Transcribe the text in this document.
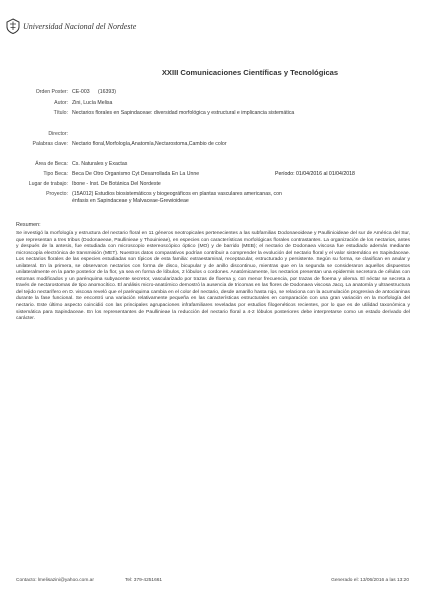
Universidad Nacional del Nordeste
XXIII Comunicaciones Científicas y Tecnológicas
Orden Poster: CE-003 (16393)
Autor: Zini, Lucía Melisa
Título: Nectarios florales en Sapindaceae: diversidad morfológica y estructural e implicancia sistemática
Director:
Palabras clave: Nectario floral,Morfología,Anatomía,Nectarostoma,Cambio de color
Área de Beca: Cs. Naturales y Exactas
Tipo Beca: Beca De Otro Organismo Cyt Desarrollada En La Unne	Período: 01/04/2016 al 01/04/2018
Lugar de trabajo: Ibone - Inst. De Botánica Del Nordeste
Proyecto: (15A012) Estudios biosistemáticos y biogeográficos en plantas vasculares americanas, con énfasis en Sapindaceae y Malvaceae-Grewioideae
Resumen:
Se investigó la morfología y estructura del nectario floral en 11 géneros neotropicales pertenecientes a las subfamilias Dodonaeoideae y Paullinioideae del sur de América del Sur, que representan a tres tribus (Dodonaeeae, Paullinieae y Thouinieae), en especies con características morfológicas florales contrastantes. La organización de los nectarios, antes y después de la antesis, fue estudiada con microscopio estereoscópico óptico (MO) y de barrido (MEB); el nectario de Dodonaea viscosa fue estudiado además mediante microscopía electrónica de transmisión (MET). Nuestros datos comparativos podrían contribuir a comprender la evolución del nectario floral y el valor sistemático en Sapindaceae. Los nectarios florales de las especies estudiadas son típicos de esta familia: extraestaminal, receptacular, estructurado y persistente. Según su forma, se clasifican en anular y unilateral. En la primera, se observaron nectarios con forma de disco, bicupular y de anillo discontinuo, mientras que en la segunda se consideraron aquellos dispuestos unilateralmente en la parte posterior de la flor, ya sea en forma de lóbulos, 2 lóbulos o cordones. Anatómicamente, los nectarios presentan una epidermis secretora de células con estomas modificados y un parénquima subyacente secretor, vascularizado por trazas de floema y, con menor frecuencia, por trazas de floema y xilema. El néctar se secreta a través de nectarostomas de tipo anomocítico. El análisis micro-anatómico demostró la ausencia de tricomas en las flores de Dodonaea viscosa Jacq. La anatomía y ultraestructura del tejido nectarífero en D. viscosa reveló que el parénquima cambia en el color del nectario, desde amarillo hasta rojo, se relaciona con la acumulación progresiva de antocianinas durante la fase funcional. Se encontró una variación relativamente pequeña en las características estructurales en comparación con una gran variación en la morfología del nectario. Este último aspecto coincidió con las principales agrupaciones infrafamiliares reveladas por estudios filogenéticos recientes, por lo que es de utilidad taxonómica y sistemática para Sapindaceae. En los representantes de Paullinieae la reducción del nectario floral a 4-2 lóbulos posteriores debe interpretarse como un estado derivado del carácter.
Contacto: lmelisazini@yahoo.com.ar	Tel: 379-4251661	Generado el: 13/06/2016 a las 13:20
